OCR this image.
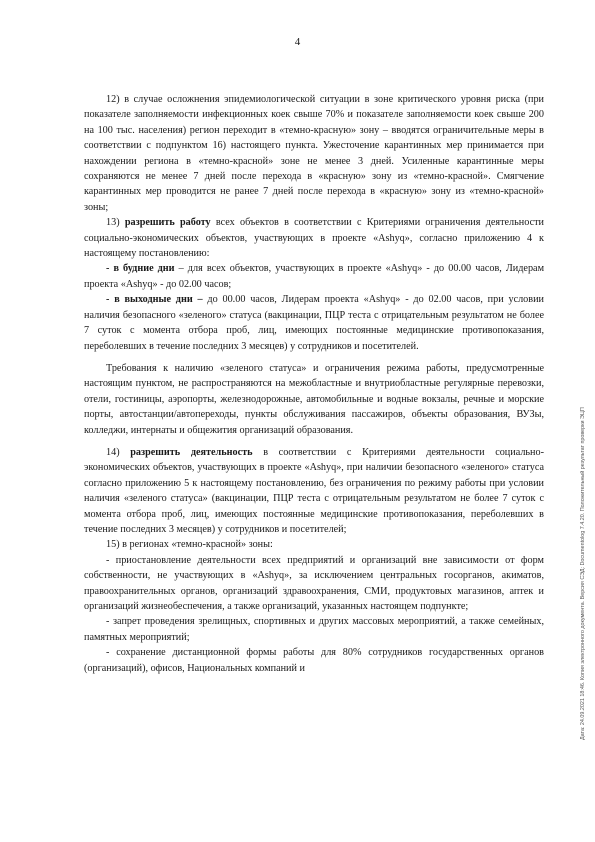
4

12) в случае осложнения эпидемиологической ситуации в зоне критического уровня риска (при показателе заполняемости инфекционных коек свыше 70% и показателе заполняемости коек свыше 200 на 100 тыс. населения) регион переходит в «темно-красную» зону – вводятся ограничительные меры в соответствии с подпунктом 16) настоящего пункта. Ужесточение карантинных мер принимается при нахождении региона в «темно-красной» зоне не менее 3 дней. Усиленные карантинные меры сохраняются не менее 7 дней после перехода в «красную» зону из «темно-красной». Смягчение карантинных мер проводится не ранее 7 дней после перехода в «красную» зону из «темно-красной» зоны;

13) разрешить работу всех объектов в соответствии с Критериями ограничения деятельности социально-экономических объектов, участвующих в проекте «Ashyq», согласно приложению 4 к настоящему постановлению:

- в будние дни – для всех объектов, участвующих в проекте «Ashyq» - до 00.00 часов, Лидерам проекта «Ashyq» - до 02.00 часов;

- в выходные дни – до 00.00 часов, Лидерам проекта «Ashyq» - до 02.00 часов, при условии наличия безопасного «зеленого» статуса (вакцинации, ПЦР теста с отрицательным результатом не более 7 суток с момента отбора проб, лиц, имеющих постоянные медицинские противопоказания, переболевших в течение последних 3 месяцев) у сотрудников и посетителей.

Требования к наличию «зеленого статуса» и ограничения режима работы, предусмотренные настоящим пунктом, не распространяются на межобластные и внутриобластные регулярные перевозки, отели, гостиницы, аэропорты, железнодорожные, автомобильные и водные вокзалы, речные и морские порты, автостанции/автопереходы, пункты обслуживания пассажиров, объекты образования, ВУЗы, колледжи, интернаты и общежития организаций образования.

14) разрешить деятельность в соответствии с Критериями деятельности социально-экономических объектов, участвующих в проекте «Ashyq», при наличии безопасного «зеленого» статуса согласно приложению 5 к настоящему постановлению, без ограничения по режиму работы при условии наличия «зеленого статуса» (вакцинации, ПЦР теста с отрицательным результатом не более 7 суток с момента отбора проб, лиц, имеющих постоянные медицинские противопоказания, переболевших в течение последних 3 месяцев) у сотрудников и посетителей;

15) в регионах «темно-красной» зоны:

- приостановление деятельности всех предприятий и организаций вне зависимости от форм собственности, не участвующих в «Ashyq», за исключением центральных госорганов, акиматов, правоохранительных органов, организаций здравоохранения, СМИ, продуктовых магазинов, аптек и организаций жизнеобеспечения, а также организаций, указанных настоящем подпункте;

- запрет проведения зрелищных, спортивных и других массовых мероприятий, а также семейных, памятных мероприятий;

- сохранение дистанционной формы работы для 80% сотрудников государственных органов (организаций), офисов, Национальных компаний и	Дата: 24.09.2021 18:46. Копия электронного документа. Версия СЭД: Documentolog 7.4.20. Положительный результат проверки ЭЦП
